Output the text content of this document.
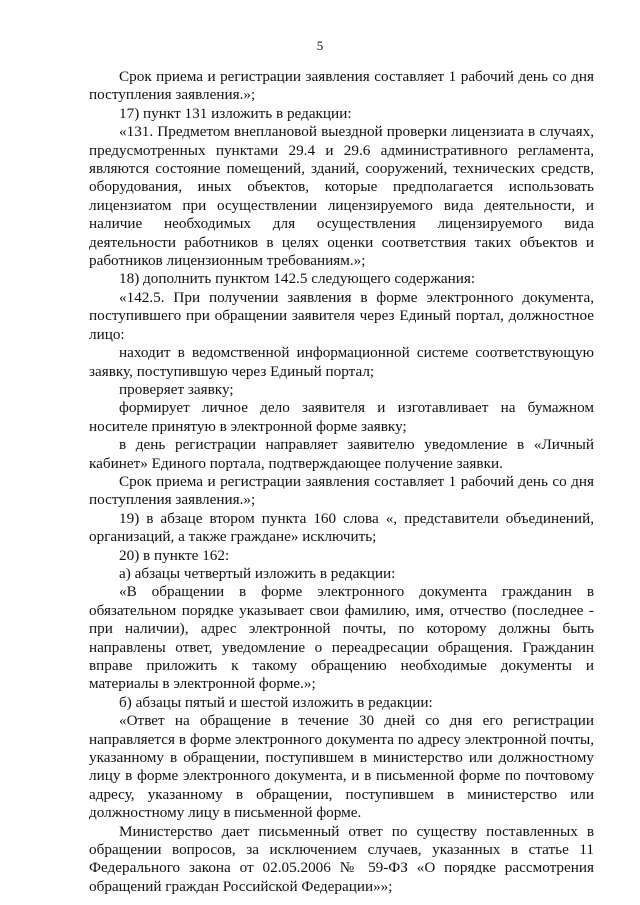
5

Срок приема и регистрации заявления составляет 1 рабочий день со дня поступления заявления.»;

17) пункт 131 изложить в редакции:

«131. Предметом внеплановой выездной проверки лицензиата в случаях, предусмотренных пунктами 29.4 и 29.6 административного регламента, являются состояние помещений, зданий, сооружений, технических средств, оборудования, иных объектов, которые предполагается использовать лицензиатом при осуществлении лицензируемого вида деятельности, и наличие необходимых для осуществления лицензируемого вида деятельности работников в целях оценки соответствия таких объектов и работников лицензионным требованиям.»;

18) дополнить пунктом 142.5 следующего содержания:

«142.5. При получении заявления в форме электронного документа, поступившего при обращении заявителя через Единый портал, должностное лицо:

находит в ведомственной информационной системе соответствующую заявку, поступившую через Единый портал;

проверяет заявку;

формирует личное дело заявителя и изготавливает на бумажном носителе принятую в электронной форме заявку;

в день регистрации направляет заявителю уведомление в «Личный кабинет» Единого портала, подтверждающее получение заявки.

Срок приема и регистрации заявления составляет 1 рабочий день со дня поступления заявления.»;

19) в абзаце втором пункта 160 слова «, представители объединений, организаций, а также граждане» исключить;

20) в пункте 162:

а) абзацы четвертый изложить в редакции:

«В обращении в форме электронного документа гражданин в обязательном порядке указывает свои фамилию, имя, отчество (последнее - при наличии), адрес электронной почты, по которому должны быть направлены ответ, уведомление о переадресации обращения. Гражданин вправе приложить к такому обращению необходимые документы и материалы в электронной форме.»;

б) абзацы пятый и шестой изложить в редакции:

«Ответ на обращение в течение 30 дней со дня его регистрации направляется в форме электронного документа по адресу электронной почты, указанному в обращении, поступившем в министерство или должностному лицу в форме электронного документа, и в письменной форме по почтовому адресу, указанному в обращении, поступившем в министерство или должностному лицу в письменной форме.

Министерство дает письменный ответ по существу поставленных в обращении вопросов, за исключением случаев, указанных в статье 11 Федерального закона от 02.05.2006 № 59-ФЗ «О порядке рассмотрения обращений граждан Российской Федерации»»;
